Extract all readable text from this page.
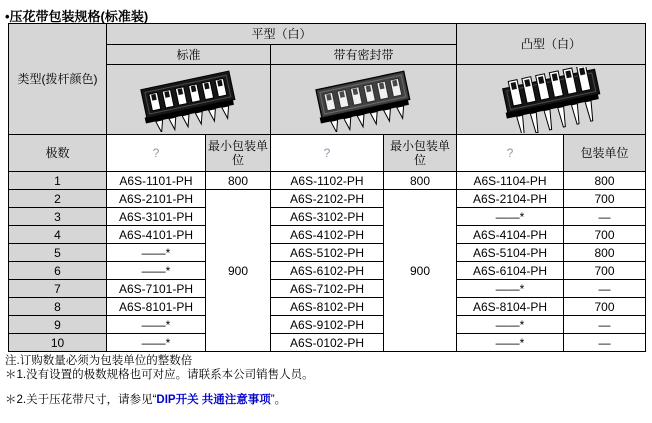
•压花带包装规格(标准装)
类型(拨杆颜色)	平型（白）				凸型（白）	
	标准		带有密封带			

极数	?	最小包装单位	?	最小包装单位	?	包装单位
1	A6S-1101-PH	800	A6S-1102-PH	800	A6S-1104-PH	800
2	A6S-2101-PH	900	A6S-2102-PH	900	A6S-2104-PH	700
3	A6S-3101-PH		A6S-3102-PH		——*	—
4	A6S-4101-PH		A6S-4102-PH		A6S-4104-PH	700
5	——*		A6S-5102-PH		A6S-5104-PH	800
6	——*		A6S-6102-PH		A6S-6104-PH	700
7	A6S-7101-PH		A6S-7102-PH		——*	—
8	A6S-8101-PH		A6S-8102-PH		A6S-8104-PH	700
9	——*		A6S-9102-PH		——*	—
10	——*		A6S-0102-PH		——*	—
注.订购数量必须为包装单位的整数倍
＊1.没有设置的极数规格也可对应。请联系本公司销售人员。
＊2.关于压花带尺寸，请参见“DIP开关 共通注意事项”。
